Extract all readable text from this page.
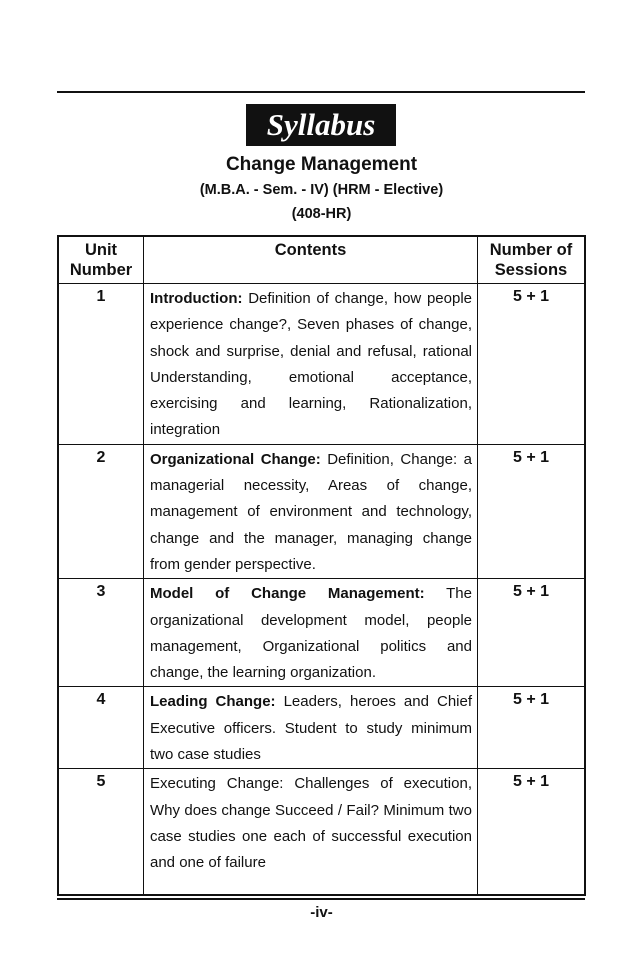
Syllabus
Change Management
(M.B.A. - Sem. - IV) (HRM - Elective)
(408-HR)
Unit Number	Contents	Number of Sessions
1	Introduction: Definition of change, how people experience change?, Seven phases of change, shock and surprise, denial and refusal, rational Understanding, emotional acceptance, exercising and learning, Rationalization, integration	5 + 1
2	Organizational Change: Definition, Change: a managerial necessity, Areas of change, management of environment and technology, change and the manager, managing change from gender perspective.	5 + 1
3	Model of Change Management: The organizational development model, people management, Organizational politics and change, the learning organization.	5 + 1
4	Leading Change: Leaders, heroes and Chief Executive officers. Student to study minimum two case studies	5 + 1
5	Executing Change: Challenges of execution, Why does change Succeed / Fail? Minimum two case studies one each of successful execution and one of failure	5 + 1
-iv-
